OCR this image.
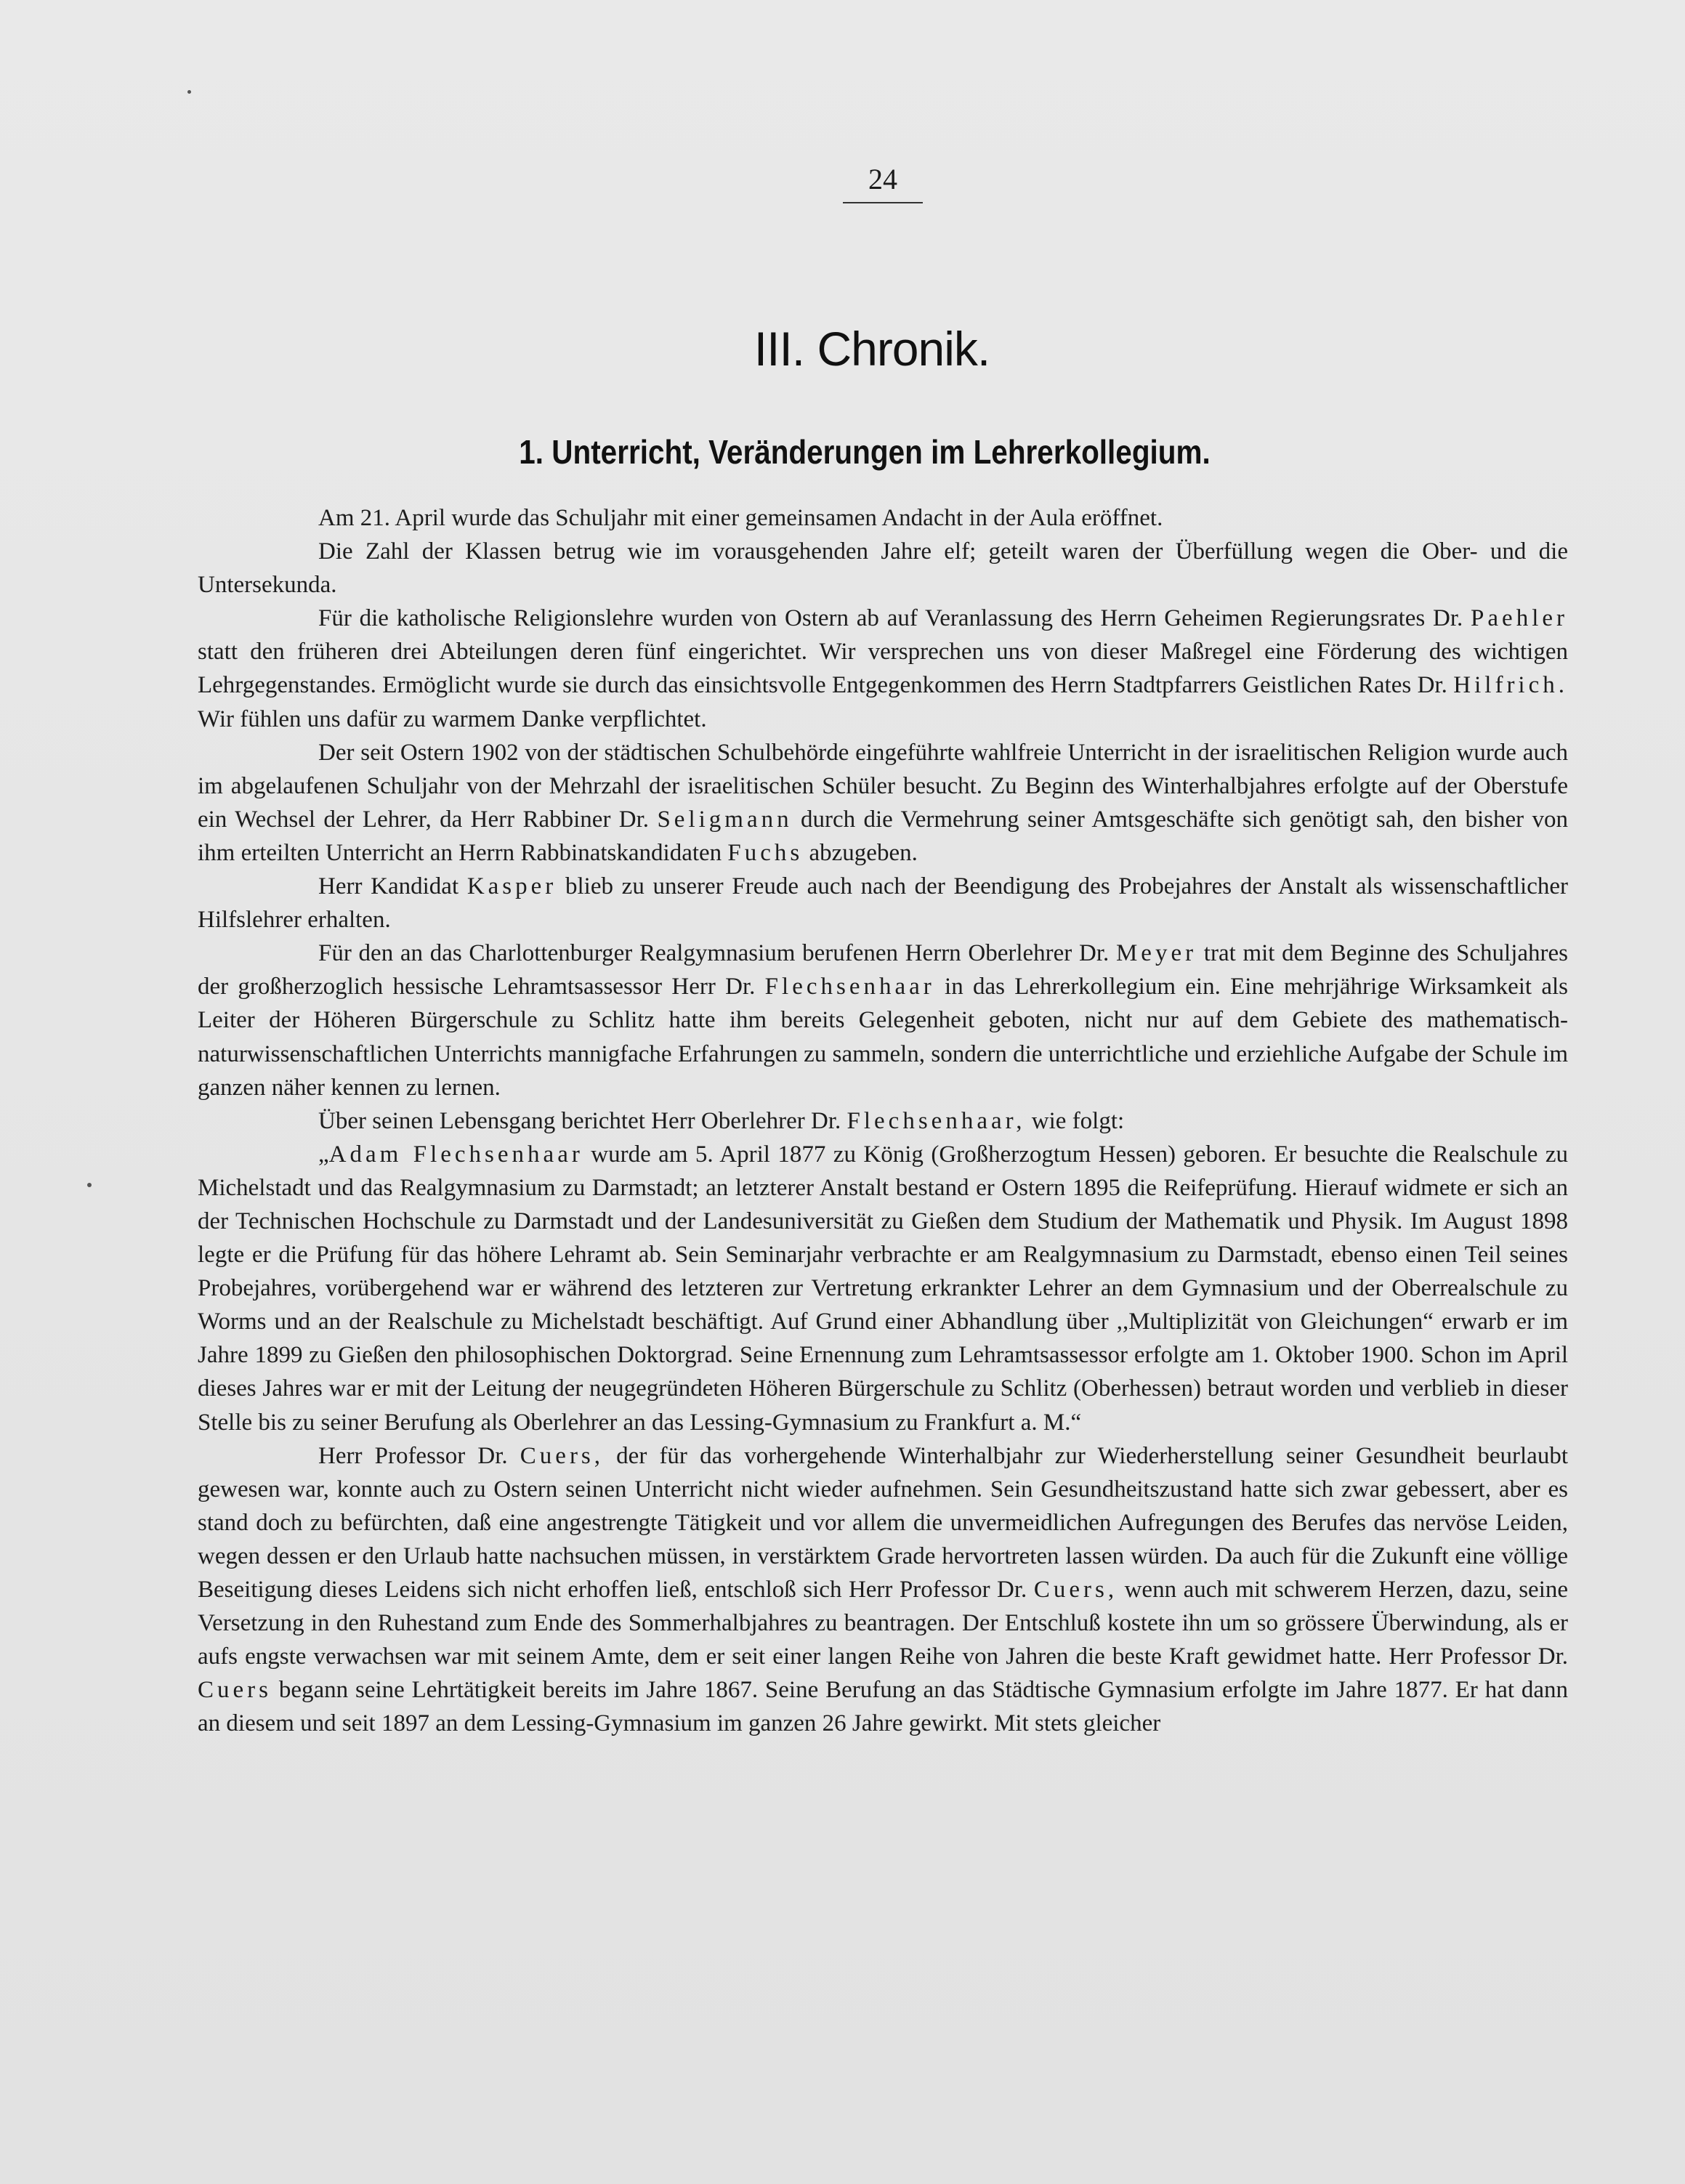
24
III. Chronik.
1. Unterricht, Veränderungen im Lehrerkollegium.

Am 21. April wurde das Schuljahr mit einer gemeinsamen Andacht in der Aula eröffnet.

Die Zahl der Klassen betrug wie im vorausgehenden Jahre elf; geteilt waren der Überfüllung wegen die Ober- und die Untersekunda.

Für die katholische Religionslehre wurden von Ostern ab auf Veranlassung des Herrn Geheimen Regierungsrates Dr. Paehler statt den früheren drei Abteilungen deren fünf eingerichtet. Wir versprechen uns von dieser Maßregel eine Förderung des wichtigen Lehrgegenstandes. Ermöglicht wurde sie durch das einsichtsvolle Entgegenkommen des Herrn Stadtpfarrers Geistlichen Rates Dr. Hilfrich. Wir fühlen uns dafür zu warmem Danke verpflichtet.

Der seit Ostern 1902 von der städtischen Schulbehörde eingeführte wahlfreie Unterricht in der israelitischen Religion wurde auch im abgelaufenen Schuljahr von der Mehrzahl der israelitischen Schüler besucht. Zu Beginn des Winterhalbjahres erfolgte auf der Oberstufe ein Wechsel der Lehrer, da Herr Rabbiner Dr. Seligmann durch die Vermehrung seiner Amtsgeschäfte sich genötigt sah, den bisher von ihm erteilten Unterricht an Herrn Rabbinatskandidaten Fuchs abzugeben.

Herr Kandidat Kasper blieb zu unserer Freude auch nach der Beendigung des Probejahres der Anstalt als wissenschaftlicher Hilfslehrer erhalten.

Für den an das Charlottenburger Realgymnasium berufenen Herrn Oberlehrer Dr. Meyer trat mit dem Beginne des Schuljahres der großherzoglich hessische Lehramtsassessor Herr Dr. Flechsenhaar in das Lehrerkollegium ein. Eine mehrjährige Wirksamkeit als Leiter der Höheren Bürgerschule zu Schlitz hatte ihm bereits Gelegenheit geboten, nicht nur auf dem Gebiete des mathematisch-naturwissenschaftlichen Unterrichts mannigfache Erfahrungen zu sammeln, sondern die unterrichtliche und erziehliche Aufgabe der Schule im ganzen näher kennen zu lernen.

Über seinen Lebensgang berichtet Herr Oberlehrer Dr. Flechsenhaar, wie folgt:

„Adam Flechsenhaar wurde am 5. April 1877 zu König (Großherzogtum Hessen) geboren. Er besuchte die Realschule zu Michelstadt und das Realgymnasium zu Darmstadt; an letzterer Anstalt bestand er Ostern 1895 die Reifeprüfung. Hierauf widmete er sich an der Technischen Hochschule zu Darmstadt und der Landesuniversität zu Gießen dem Studium der Mathematik und Physik. Im August 1898 legte er die Prüfung für das höhere Lehramt ab. Sein Seminarjahr verbrachte er am Realgymnasium zu Darmstadt, ebenso einen Teil seines Probejahres, vorübergehend war er während des letzteren zur Vertretung erkrankter Lehrer an dem Gymnasium und der Oberrealschule zu Worms und an der Realschule zu Michelstadt beschäftigt. Auf Grund einer Abhandlung über ,,Multiplizität von Gleichungen“ erwarb er im Jahre 1899 zu Gießen den philosophischen Doktorgrad. Seine Ernennung zum Lehramtsassessor erfolgte am 1. Oktober 1900. Schon im April dieses Jahres war er mit der Leitung der neugegründeten Höheren Bürgerschule zu Schlitz (Oberhessen) betraut worden und verblieb in dieser Stelle bis zu seiner Berufung als Oberlehrer an das Lessing-Gymnasium zu Frankfurt a. M.“

Herr Professor Dr. Cuers, der für das vorhergehende Winterhalbjahr zur Wiederherstellung seiner Gesundheit beurlaubt gewesen war, konnte auch zu Ostern seinen Unterricht nicht wieder aufnehmen. Sein Gesundheitszustand hatte sich zwar gebessert, aber es stand doch zu befürchten, daß eine angestrengte Tätigkeit und vor allem die unvermeidlichen Aufregungen des Berufes das nervöse Leiden, wegen dessen er den Urlaub hatte nachsuchen müssen, in verstärktem Grade hervortreten lassen würden. Da auch für die Zukunft eine völlige Beseitigung dieses Leidens sich nicht erhoffen ließ, entschloß sich Herr Professor Dr. Cuers, wenn auch mit schwerem Herzen, dazu, seine Versetzung in den Ruhestand zum Ende des Sommerhalbjahres zu beantragen. Der Entschluß kostete ihn um so grössere Überwindung, als er aufs engste verwachsen war mit seinem Amte, dem er seit einer langen Reihe von Jahren die beste Kraft gewidmet hatte. Herr Professor Dr. Cuers begann seine Lehrtätigkeit bereits im Jahre 1867. Seine Berufung an das Städtische Gymnasium erfolgte im Jahre 1877. Er hat dann an diesem und seit 1897 an dem Lessing-Gymnasium im ganzen 26 Jahre gewirkt. Mit stets gleicher
